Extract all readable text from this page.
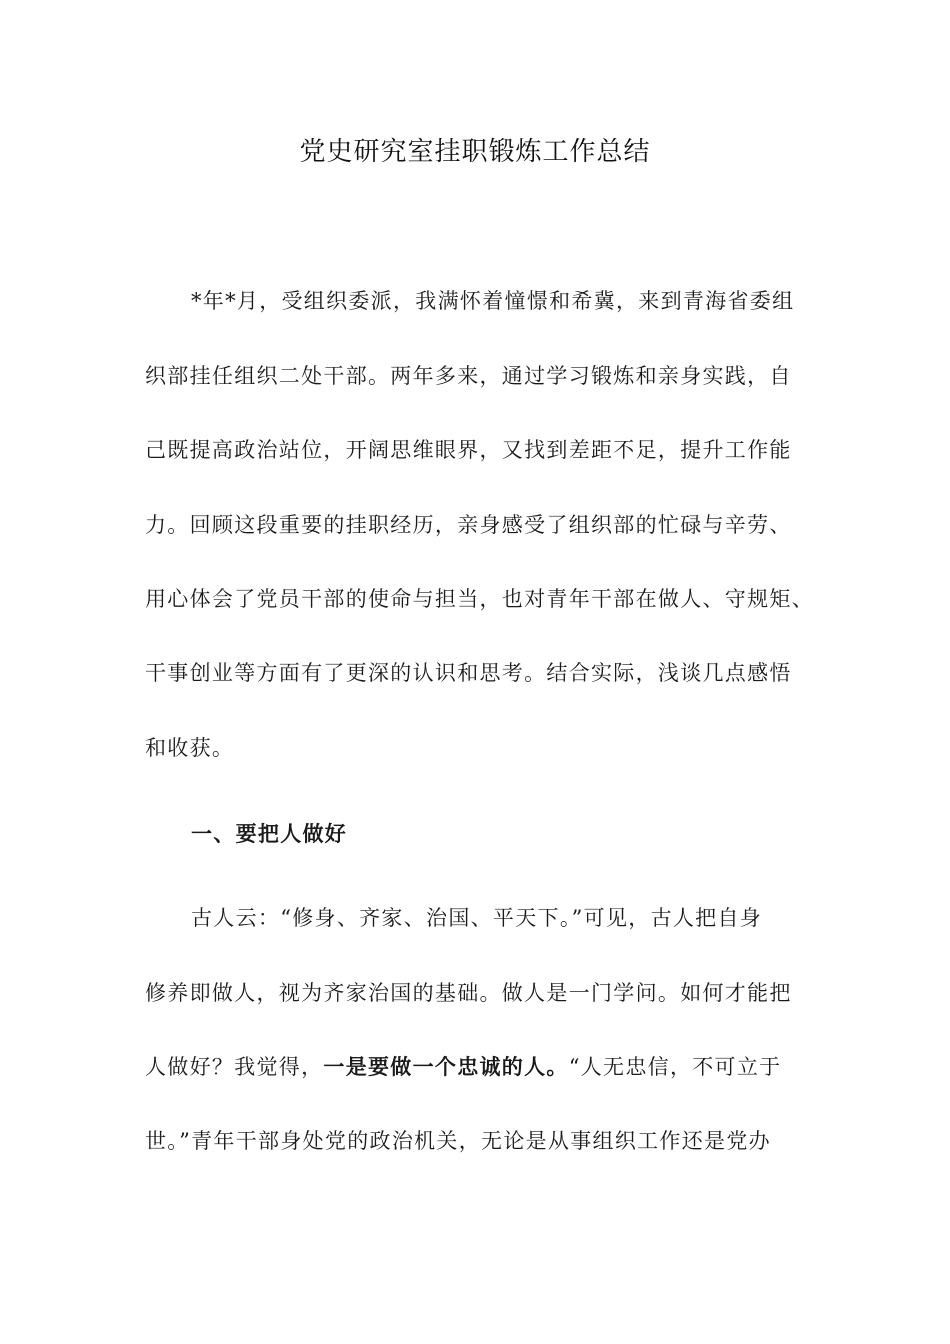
党史研究室挂职锻炼工作总结
*年*月，受组织委派，我满怀着憧憬和希冀，来到青海省委组
织部挂任组织二处干部。两年多来，通过学习锻炼和亲身实践，自
己既提高政治站位，开阔思维眼界，又找到差距不足，提升工作能
力。回顾这段重要的挂职经历，亲身感受了组织部的忙碌与辛劳、
用心体会了党员干部的使命与担当，也对青年干部在做人、守规矩、
干事创业等方面有了更深的认识和思考。结合实际，浅谈几点感悟
和收获。
一、要把人做好
古人云：“修身、齐家、治国、平天下。”可见，古人把自身
修养即做人，视为齐家治国的基础。做人是一门学问。如何才能把
人做好？我觉得，一是要做一个忠诚的人。“人无忠信，不可立于
世。”青年干部身处党的政治机关，无论是从事组织工作还是党办
